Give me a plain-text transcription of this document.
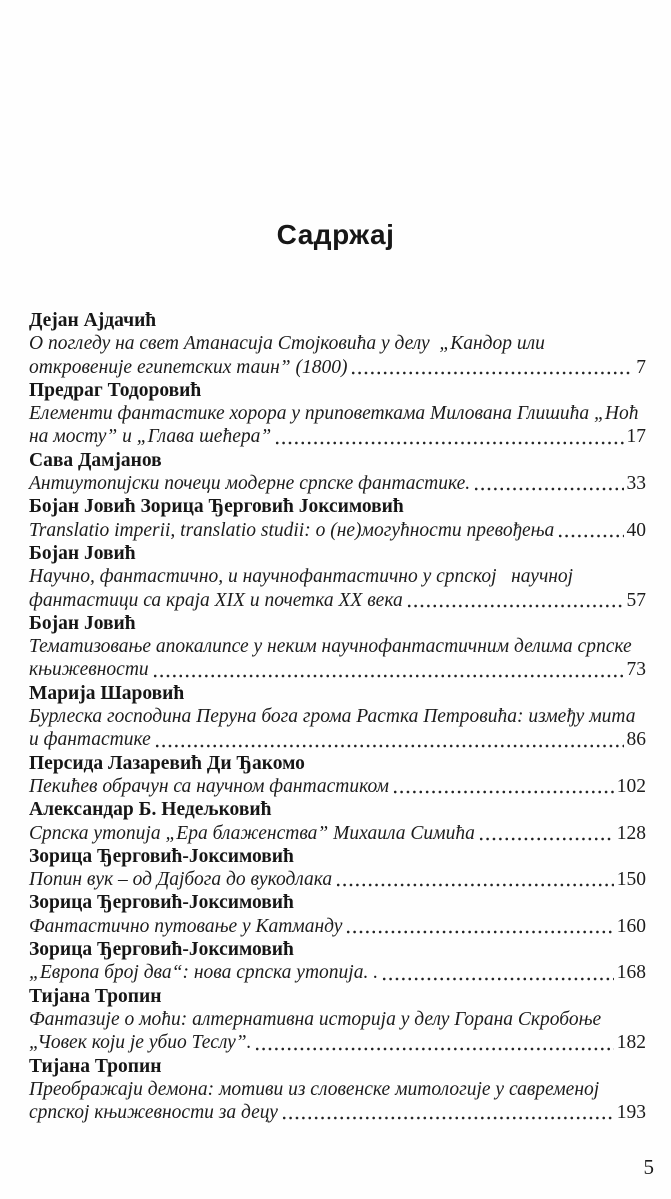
Садржај
Дејан Ајдачић
О погледу на свет Атанасија Стојковића у делу  „Кандор или
откровеније египетских таин” (1800)	7
Предраг Тодоровић
Елементи фантастике хорора у приповеткама Милована Глишића „Ноћ
на мосту” и „Глава шећера”	17
Сава Дамјанов
Антиутопијски почеци модерне српске фантастике.	33
Бојан Јовић Зорица Ђерговић Јоксимовић
Translatio imperii, translatio studii: о (не)могућности превођења	40
Бојан Јовић
Научно, фантастично, и научнофантастично у српској   научној
фантастици са краја XIX и почетка XX века	57
Бојан Јовић
Тематизовање апокалипсе у неким научнофантастичним делима српске
књижевности	73
Марија Шаровић
Бурлеска господина Перуна бога грома Растка Петровића: између мита
и фантастике	86
Персида Лазаревић Ди Ђакомо
Пекићев обрачун са научном фантастиком	102
Александар Б. Недељковић
Српска утопија „Ера блаженства” Михаила Симића	128
Зорица Ђерговић-Јоксимовић
Попин вук – од Дајбога до вукодлака	150
Зорица Ђерговић-Јоксимовић
Фантастично путовање у Катманду	160
Зорица Ђерговић-Јоксимовић
„Европа број два“: нова српска утопија. .	168
Тијана Тропин
Фантазије о моћи: алтернативна историја у делу Горана Скробоње
„Човек који је убио Теслу”.	182
Тијана Тропин
Преображаји демона: мотиви из словенске митологије у савременој
српској књижевности за децу	193
5
